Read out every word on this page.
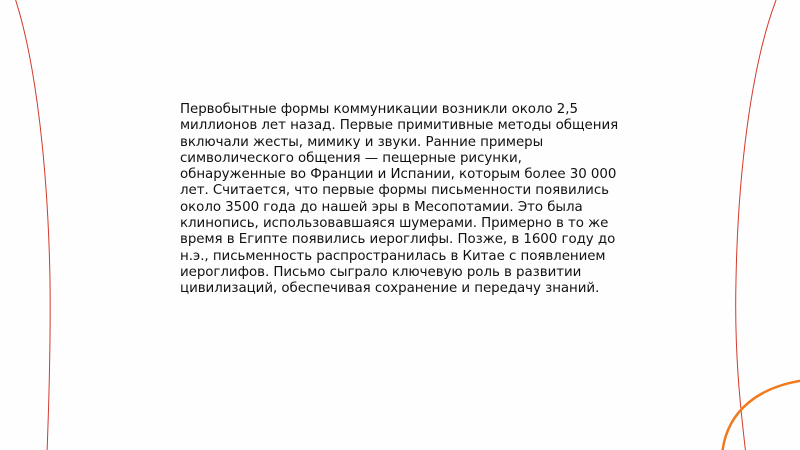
Первобытные формы коммуникации возникли около 2,5
миллионов лет назад. Первые примитивные методы общения
включали жесты, мимику и звуки. Ранние примеры
символического общения — пещерные рисунки,
обнаруженные во Франции и Испании, которым более 30 000
лет. Считается, что первые формы письменности появились
около 3500 года до нашей эры в Месопотамии. Это была
клинопись, использовавшаяся шумерами. Примерно в то же
время в Египте появились иероглифы. Позже, в 1600 году до
н.э., письменность распространилась в Китае с появлением
иероглифов. Письмо сыграло ключевую роль в развитии
цивилизаций, обеспечивая сохранение и передачу знаний.
